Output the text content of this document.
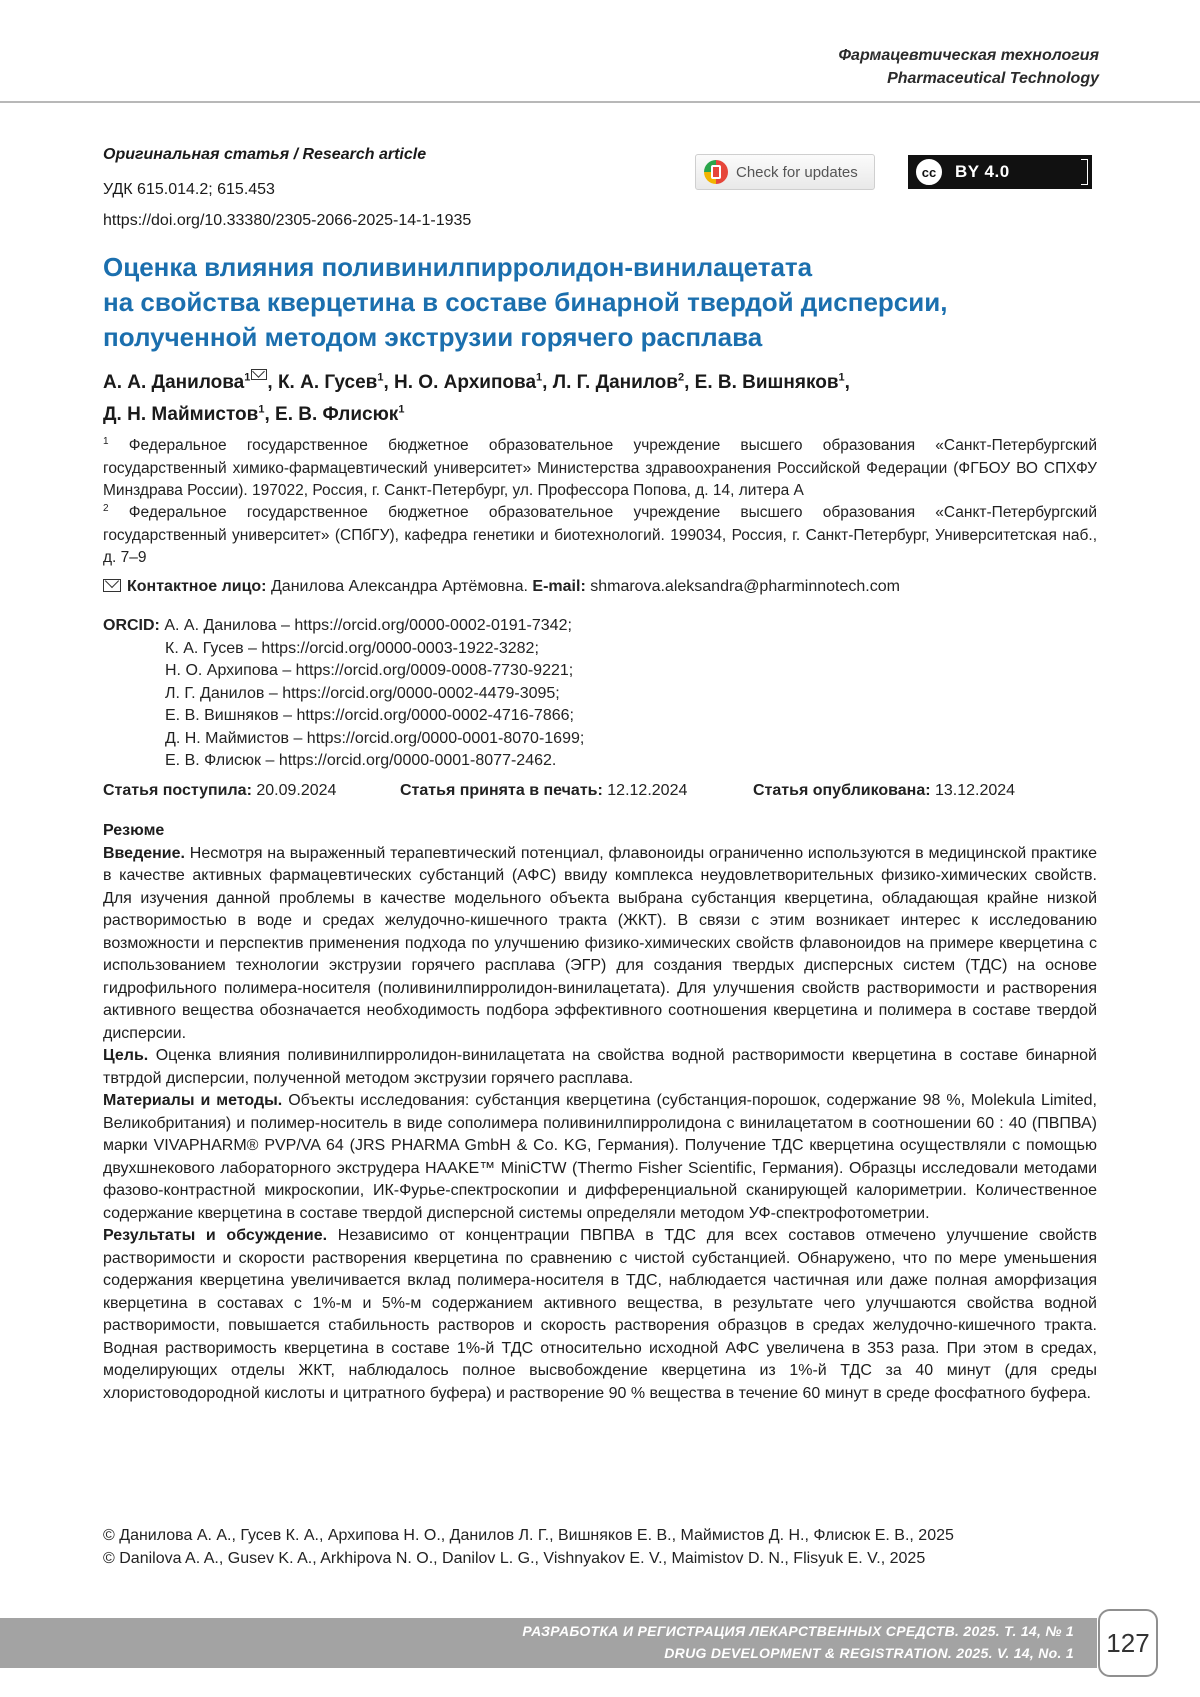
Фармацевтическая технология
Pharmaceutical Technology
Оригинальная статья / Research article
УДК 615.014.2; 615.453
https://doi.org/10.33380/2305-2066-2025-14-1-1935
Check for updates	cc	BY 4.0
Оценка влияния поливинилпирролидон-винилацетата
на свойства кверцетина в составе бинарной твердой дисперсии,
полученной методом экструзии горячего расплава
А. А. Данилова$^1$ , К. А. Гусев$^1$, Н. О. Архипова$^1$, Л. Г. Данилов$^2$, Е. В. Вишняков$^1$,
Д. Н. Маймистов$^1$, Е. В. Флисюк$^1$
$^1$ Федеральное государственное бюджетное образовательное учреждение высшего образования «Санкт-Петербургский государственный химико-фармацевтический университет» Министерства здравоохранения Российской Федерации (ФГБОУ ВО СПХФУ Минздрава России). 197022, Россия, г. Санкт-Петербург, ул. Профессора Попова, д. 14, литера А
$^2$ Федеральное государственное бюджетное образовательное учреждение высшего образования «Санкт-Петербургский государственный университет» (СПбГУ), кафедра генетики и биотехнологий. 199034, Россия, г. Санкт-Петербург, Университетская наб., д. 7–9
Контактное лицо: Данилова Александра Артёмовна. E-mail: shmarova.aleksandra@pharminnotech.com
ORCID: А. А. Данилова – https://orcid.org/0000-0002-0191-7342;
К. А. Гусев – https://orcid.org/0000-0003-1922-3282;
Н. О. Архипова – https://orcid.org/0009-0008-7730-9221;
Л. Г. Данилов – https://orcid.org/0000-0002-4479-3095;
Е. В. Вишняков – https://orcid.org/0000-0002-4716-7866;
Д. Н. Маймистов – https://orcid.org/0000-0001-8070-1699;
Е. В. Флисюк – https://orcid.org/0000-0001-8077-2462.
Статья поступила: 20.09.2024	Статья принята в печать: 12.12.2024	Статья опубликована: 13.12.2024

Резюме

Введение. Несмотря на выраженный терапевтический потенциал, флавоноиды ограниченно используются в медицинской практике в качестве активных фармацевтических субстанций (АФС) ввиду комплекса неудовлетворительных физико-химических свойств. Для изучения данной проблемы в качестве модельного объекта выбрана субстанция кверцетина, обладающая крайне низкой растворимостью в воде и средах желудочно-кишечного тракта (ЖКТ). В связи с этим возникает интерес к исследованию возможности и перспектив применения подхода по улучшению физико-химических свойств флавоноидов на примере кверцетина с использованием технологии экструзии горячего расплава (ЭГР) для создания твердых дисперсных систем (ТДС) на основе гидрофильного полимера-носителя (поливинилпирролидон-винилацетата). Для улучшения свойств растворимости и растворения активного вещества обозначается необходимость подбора эффективного соотношения кверцетина и полимера в составе твердой дисперсии.

Цель. Оценка влияния поливинилпирролидон-винилацетата на свойства водной растворимости кверцетина в составе бинарной твтрдой дисперсии, полученной методом экструзии горячего расплава.

Материалы и методы. Объекты исследования: субстанция кверцетина (субстанция-порошок, содержание 98 %, Molekula Limited, Великобритания) и полимер-носитель в виде сополимера поливинилпирролидона с винилацетатом в соотношении 60 : 40 (ПВПВА) марки VIVAPHARM® PVP/VA 64 (JRS PHARMA GmbH & Co. KG, Германия). Получение ТДС кверцетина осуществляли с помощью двухшнекового лабораторного экструдера HAAKE™ MiniCTW (Thermo Fisher Scientific, Германия). Образцы исследовали методами фазово-контрастной микроскопии, ИК-Фурье-спектроскопии и дифференциальной сканирующей калориметрии. Количественное содержание кверцетина в составе твердой дисперсной системы определяли методом УФ-спектрофотометрии.

Результаты и обсуждение. Независимо от концентрации ПВПВА в ТДС для всех составов отмечено улучшение свойств растворимости и скорости растворения кверцетина по сравнению с чистой субстанцией. Обнаружено, что по мере уменьшения содержания кверцетина увеличивается вклад полимера-носителя в ТДС, наблюдается частичная или даже полная аморфизация кверцетина в составах с 1%-м и 5%-м содержанием активного вещества, в результате чего улучшаются свойства водной растворимости, повышается стабильность растворов и скорость растворения образцов в средах желудочно-кишечного тракта. Водная растворимость кверцетина в составе 1%-й ТДС относительно исходной АФС увеличена в 353 раза. При этом в средах, моделирующих отделы ЖКТ, наблюдалось полное высвобождение кверцетина из 1%-й ТДС за 40 минут (для среды хлористоводородной кислоты и цитратного буфера) и растворение 90 % вещества в течение 60 минут в среде фосфатного буфера.

© Данилова А. А., Гусев К. А., Архипова Н. О., Данилов Л. Г., Вишняков Е. В., Маймистов Д. Н., Флисюк Е. В., 2025
© Danilova A. A., Gusev K. A., Arkhipova N. O., Danilov L. G., Vishnyakov E. V., Maimistov D. N., Flisyuk E. V., 2025
РАЗРАБОТКА И РЕГИСТРАЦИЯ ЛЕКАРСТВЕННЫХ СРЕДСТВ. 2025. Т. 14, № 1
DRUG DEVELOPMENT & REGISTRATION. 2025. V. 14, No. 1	127
